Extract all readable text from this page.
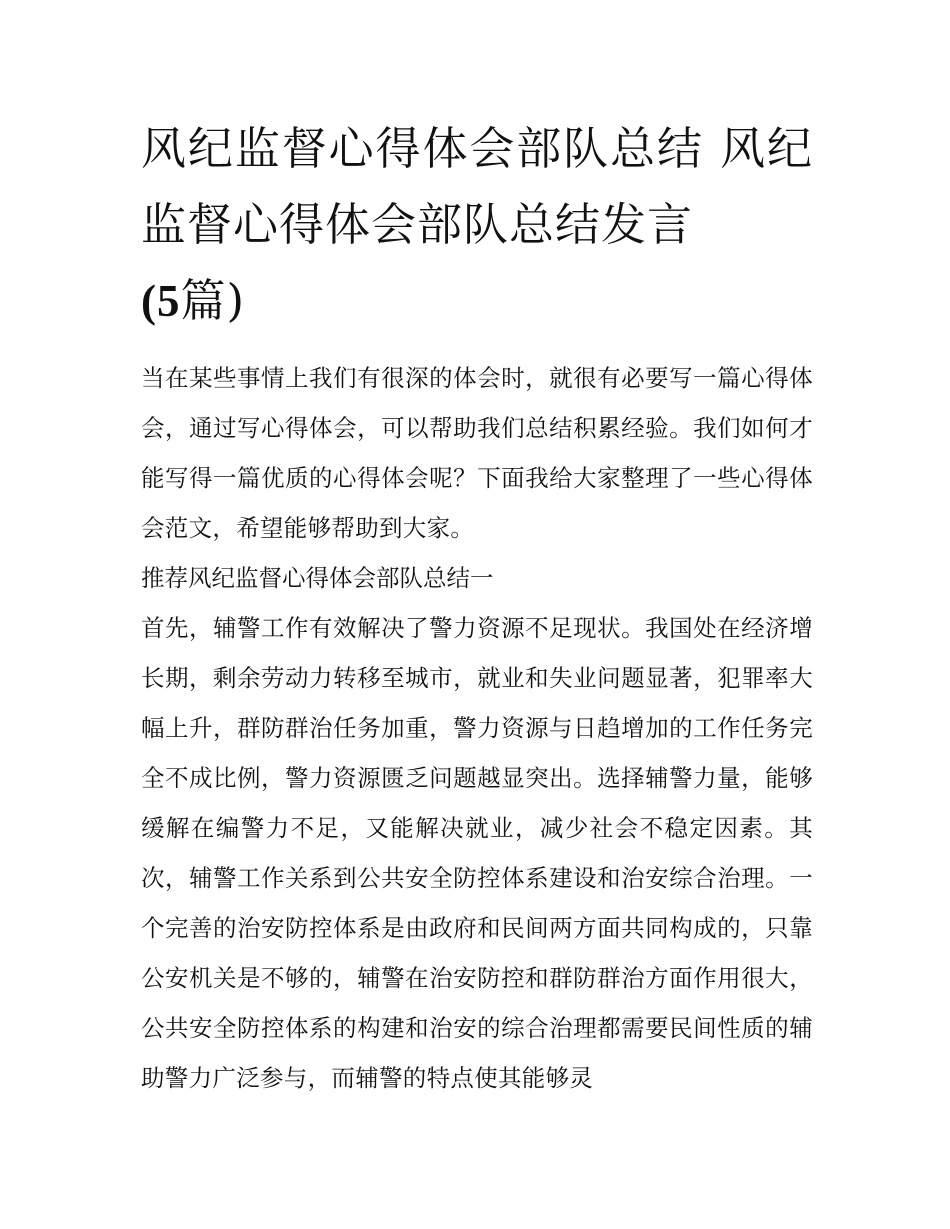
风纪监督心得体会部队总结 风纪监督心得体会部队总结发言
(5篇)

当在某些事情上我们有很深的体会时，就很有必要写一篇心得体会，通过写心得体会，可以帮助我们总结积累经验。我们如何才能写得一篇优质的心得体会呢？下面我给大家整理了一些心得体会范文，希望能够帮助到大家。

推荐风纪监督心得体会部队总结一

首先，辅警工作有效解决了警力资源不足现状。我国处在经济增长期，剩余劳动力转移至城市，就业和失业问题显著，犯罪率大幅上升，群防群治任务加重，警力资源与日趋增加的工作任务完全不成比例，警力资源匮乏问题越显突出。选择辅警力量，能够缓解在编警力不足，又能解决就业，减少社会不稳定因素。其次，辅警工作关系到公共安全防控体系建设和治安综合治理。一个完善的治安防控体系是由政府和民间两方面共同构成的，只靠公安机关是不够的，辅警在治安防控和群防群治方面作用很大，公共安全防控体系的构建和治安的综合治理都需要民间性质的辅助警力广泛参与，而辅警的特点使其能够灵
